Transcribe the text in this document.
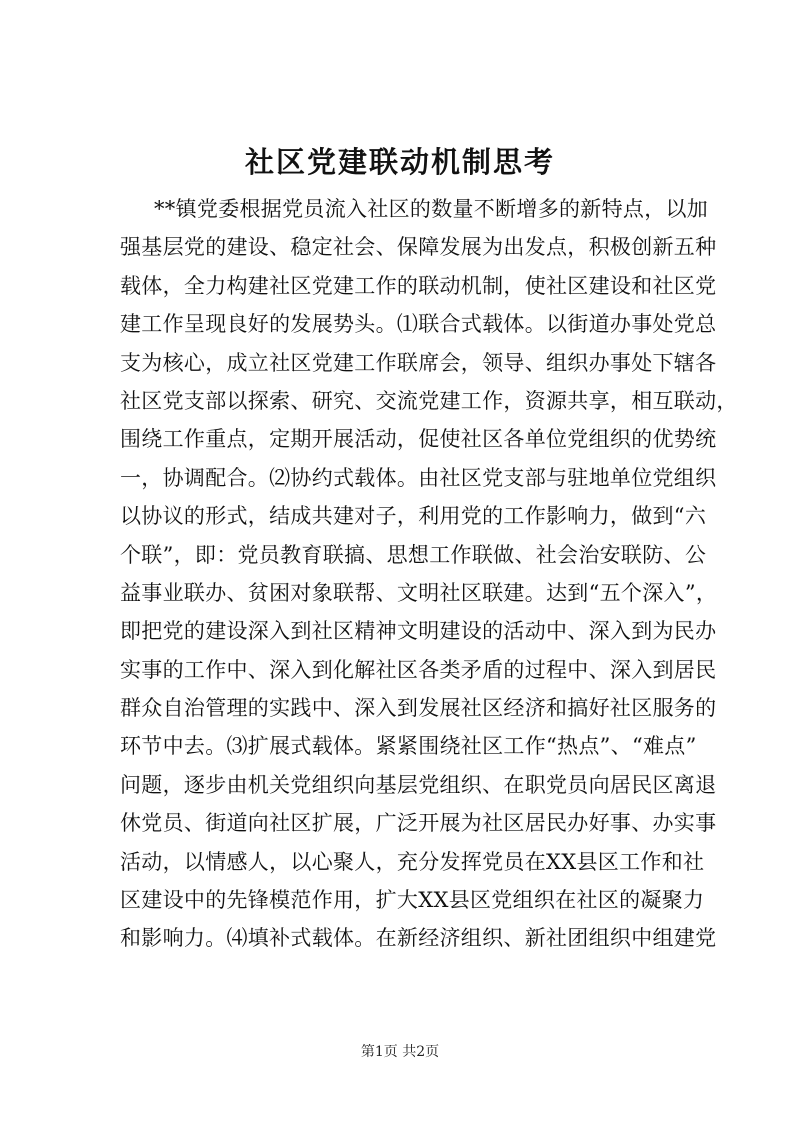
社区党建联动机制思考
**镇党委根据党员流入社区的数量不断增多的新特点，以加
强基层党的建设、稳定社会、保障发展为出发点，积极创新五种
载体，全力构建社区党建工作的联动机制，使社区建设和社区党
建工作呈现良好的发展势头。⑴联合式载体。以街道办事处党总
支为核心，成立社区党建工作联席会，领导、组织办事处下辖各
社区党支部以探索、研究、交流党建工作，资源共享，相互联动，
围绕工作重点，定期开展活动，促使社区各单位党组织的优势统
一，协调配合。⑵协约式载体。由社区党支部与驻地单位党组织
以协议的形式，结成共建对子，利用党的工作影响力，做到“六
个联”，即：党员教育联搞、思想工作联做、社会治安联防、公
益事业联办、贫困对象联帮、文明社区联建。达到“五个深入”，
即把党的建设深入到社区精神文明建设的活动中、深入到为民办
实事的工作中、深入到化解社区各类矛盾的过程中、深入到居民
群众自治管理的实践中、深入到发展社区经济和搞好社区服务的
环节中去。⑶扩展式载体。紧紧围绕社区工作“热点”、“难点”
问题，逐步由机关党组织向基层党组织、在职党员向居民区离退
休党员、街道向社区扩展，广泛开展为社区居民办好事、办实事
活动，以情感人，以心聚人，充分发挥党员在XX县区工作和社
区建设中的先锋模范作用，扩大XX县区党组织在社区的凝聚力
和影响力。⑷填补式载体。在新经济组织、新社团组织中组建党
第1页 共2页
